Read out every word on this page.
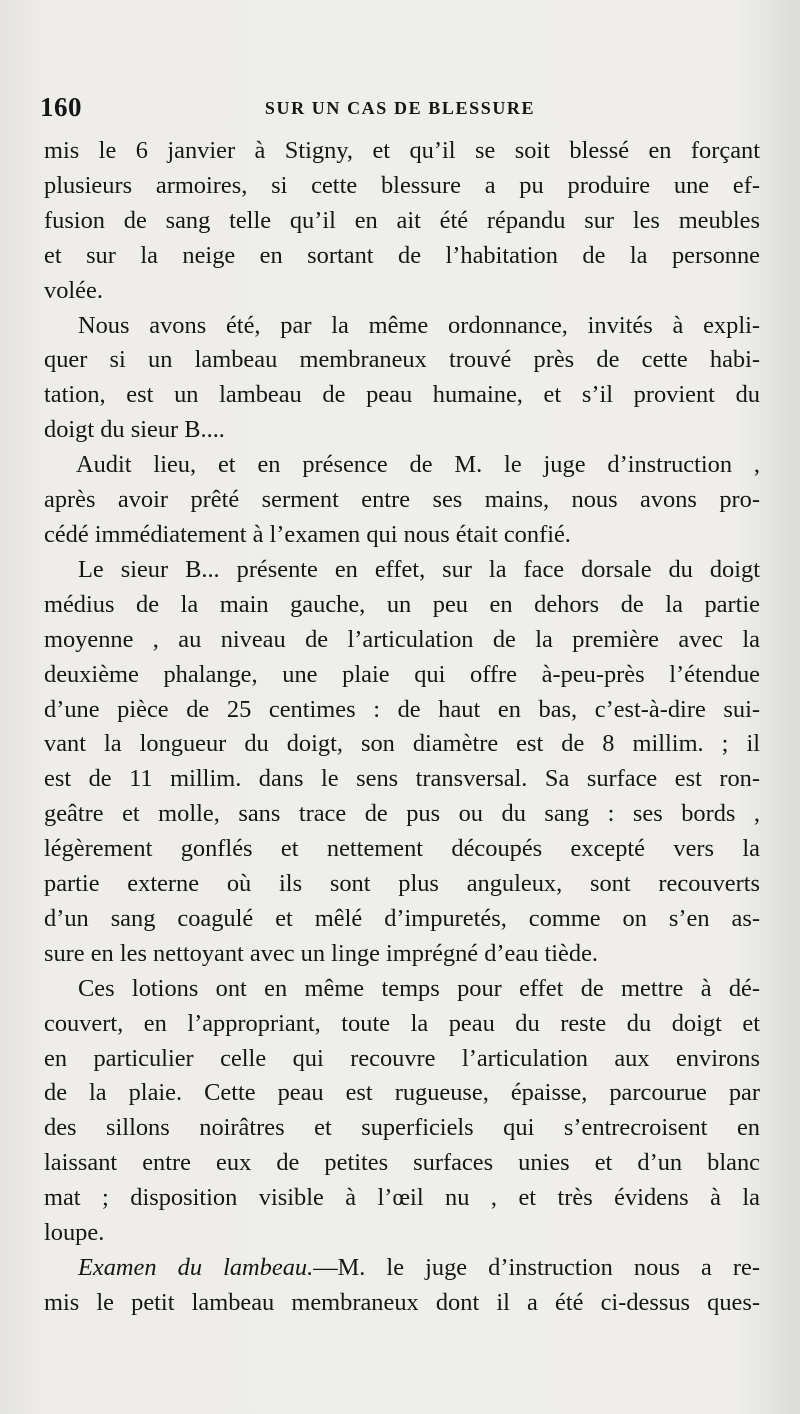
160	SUR UN CAS DE BLESSURE
mis le 6 janvier à Stigny, et qu’il se soit blessé en forçant
plusieurs armoires, si cette blessure a pu produire une ef-
fusion de sang telle qu’il en ait été répandu sur les meubles
et sur la neige en sortant de l’habitation de la personne
volée.
Nous avons été, par la même ordonnance, invités à expli-
quer si un lambeau membraneux trouvé près de cette habi-
tation, est un lambeau de peau humaine, et s’il provient du
doigt du sieur B....
Audit lieu, et en présence de M. le juge d’instruction ,
après avoir prêté serment entre ses mains, nous avons pro-
cédé immédiatement à l’examen qui nous était confié.
Le sieur B... présente en effet, sur la face dorsale du doigt
médius de la main gauche, un peu en dehors de la partie
moyenne , au niveau de l’articulation de la première avec la
deuxième phalange, une plaie qui offre à-peu-près l’étendue
d’une pièce de 25 centimes : de haut en bas, c’est-à-dire sui-
vant la longueur du doigt, son diamètre est de 8 millim. ; il
est de 11 millim. dans le sens transversal. Sa surface est ron-
geâtre et molle, sans trace de pus ou du sang : ses bords ,
légèrement gonflés et nettement découpés excepté vers la
partie externe où ils sont plus anguleux, sont recouverts
d’un sang coagulé et mêlé d’impuretés, comme on s’en as-
sure en les nettoyant avec un linge imprégné d’eau tiède.
Ces lotions ont en même temps pour effet de mettre à dé-
couvert, en l’appropriant, toute la peau du reste du doigt et
en particulier celle qui recouvre l’articulation aux environs
de la plaie. Cette peau est rugueuse, épaisse, parcourue par
des sillons noirâtres et superficiels qui s’entrecroisent en
laissant entre eux de petites surfaces unies et d’un blanc
mat ; disposition visible à l’œil nu , et très évidens à la
loupe.
Examen du lambeau.—M. le juge d’instruction nous a re-
mis le petit lambeau membraneux dont il a été ci-dessus ques-
